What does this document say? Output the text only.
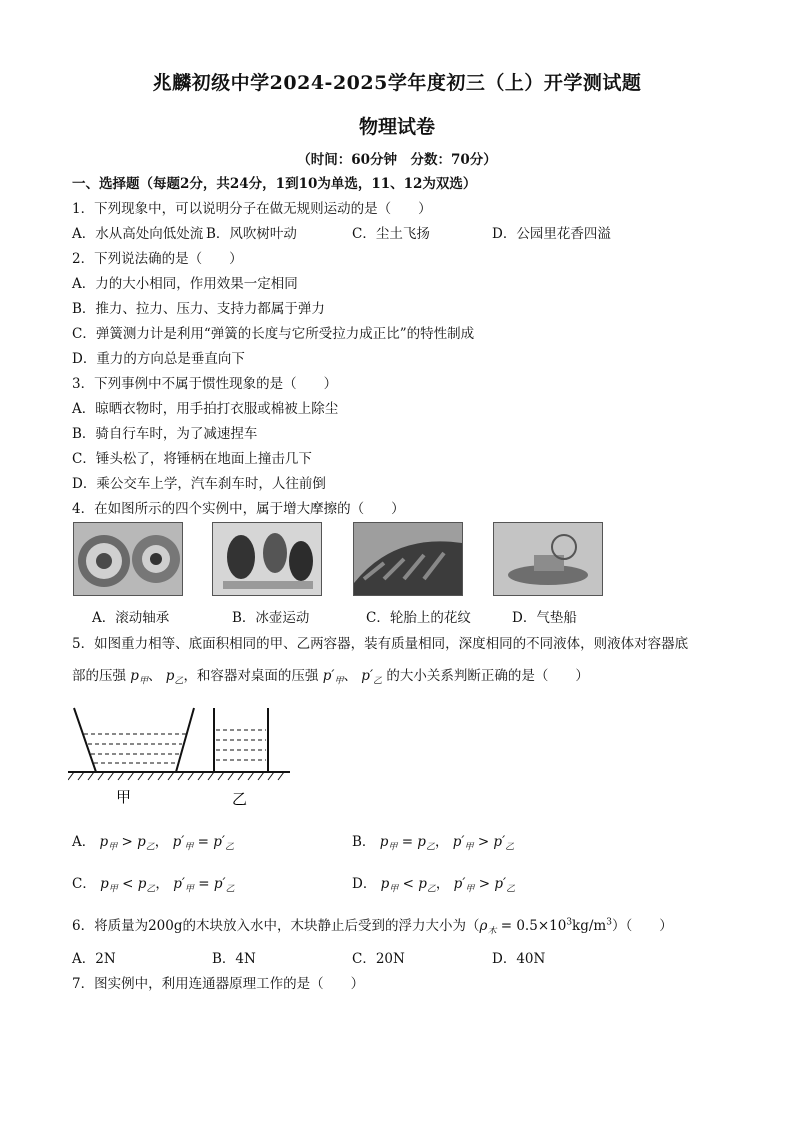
兆麟初级中学2024-2025学年度初三（上）开学测试题
物理试卷
（时间：60分钟　分数：70分）
一、选择题（每题2分，共24分，1到10为单选，11、12为双选）
1．下列现象中，可以说明分子在做无规则运动的是（　　）
A．水从高处向低处流 B．风吹树叶动	C．尘土飞扬	D．公园里花香四溢
2．下列说法确的是（　　）
A．力的大小相同，作用效果一定相同
B．推力、拉力、压力、支持力都属于弹力
C．弹簧测力计是利用“弹簧的长度与它所受拉力成正比”的特性制成
D．重力的方向总是垂直向下
3．下列事例中不属于惯性现象的是（　　）
A．晾晒衣物时，用手拍打衣服或棉被上除尘
B．骑自行车时，为了减速捏车
C．锤头松了，将锤柄在地面上撞击几下
D．乘公交车上学，汽车刹车时，人往前倒
4．在如图所示的四个实例中，属于增大摩擦的（　　）
A．滚动轴承	B．冰壶运动	C．轮胎上的花纹	D．气垫船
5．如图重力相等、底面积相同的甲、乙两容器，装有质量相同，深度相同的不同液体，则液体对容器底
部的压强 $p_甲$、 $p_乙$，和容器对桌面的压强 $p'_甲$、 $p'_乙$ 的大小关系判断正确的是（　　）
甲	乙
A． $p_甲 > p_乙$， $p'_甲 = p'_乙$	B． $p_甲 = p_乙$， $p'_甲 > p'_乙$
C． $p_甲 < p_乙$， $p'_甲 = p'_乙$	D． $p_甲 < p_乙$， $p'_甲 > p'_乙$
6．将质量为200g的木块放入水中，木块静止后受到的浮力大小为$(\rho_木 = 0.5\times 10^3kg/m^3)$（　　）
A．2N	B．4N	C．20N	D．40N
7．图实例中，利用连通器原理工作的是（　　）
